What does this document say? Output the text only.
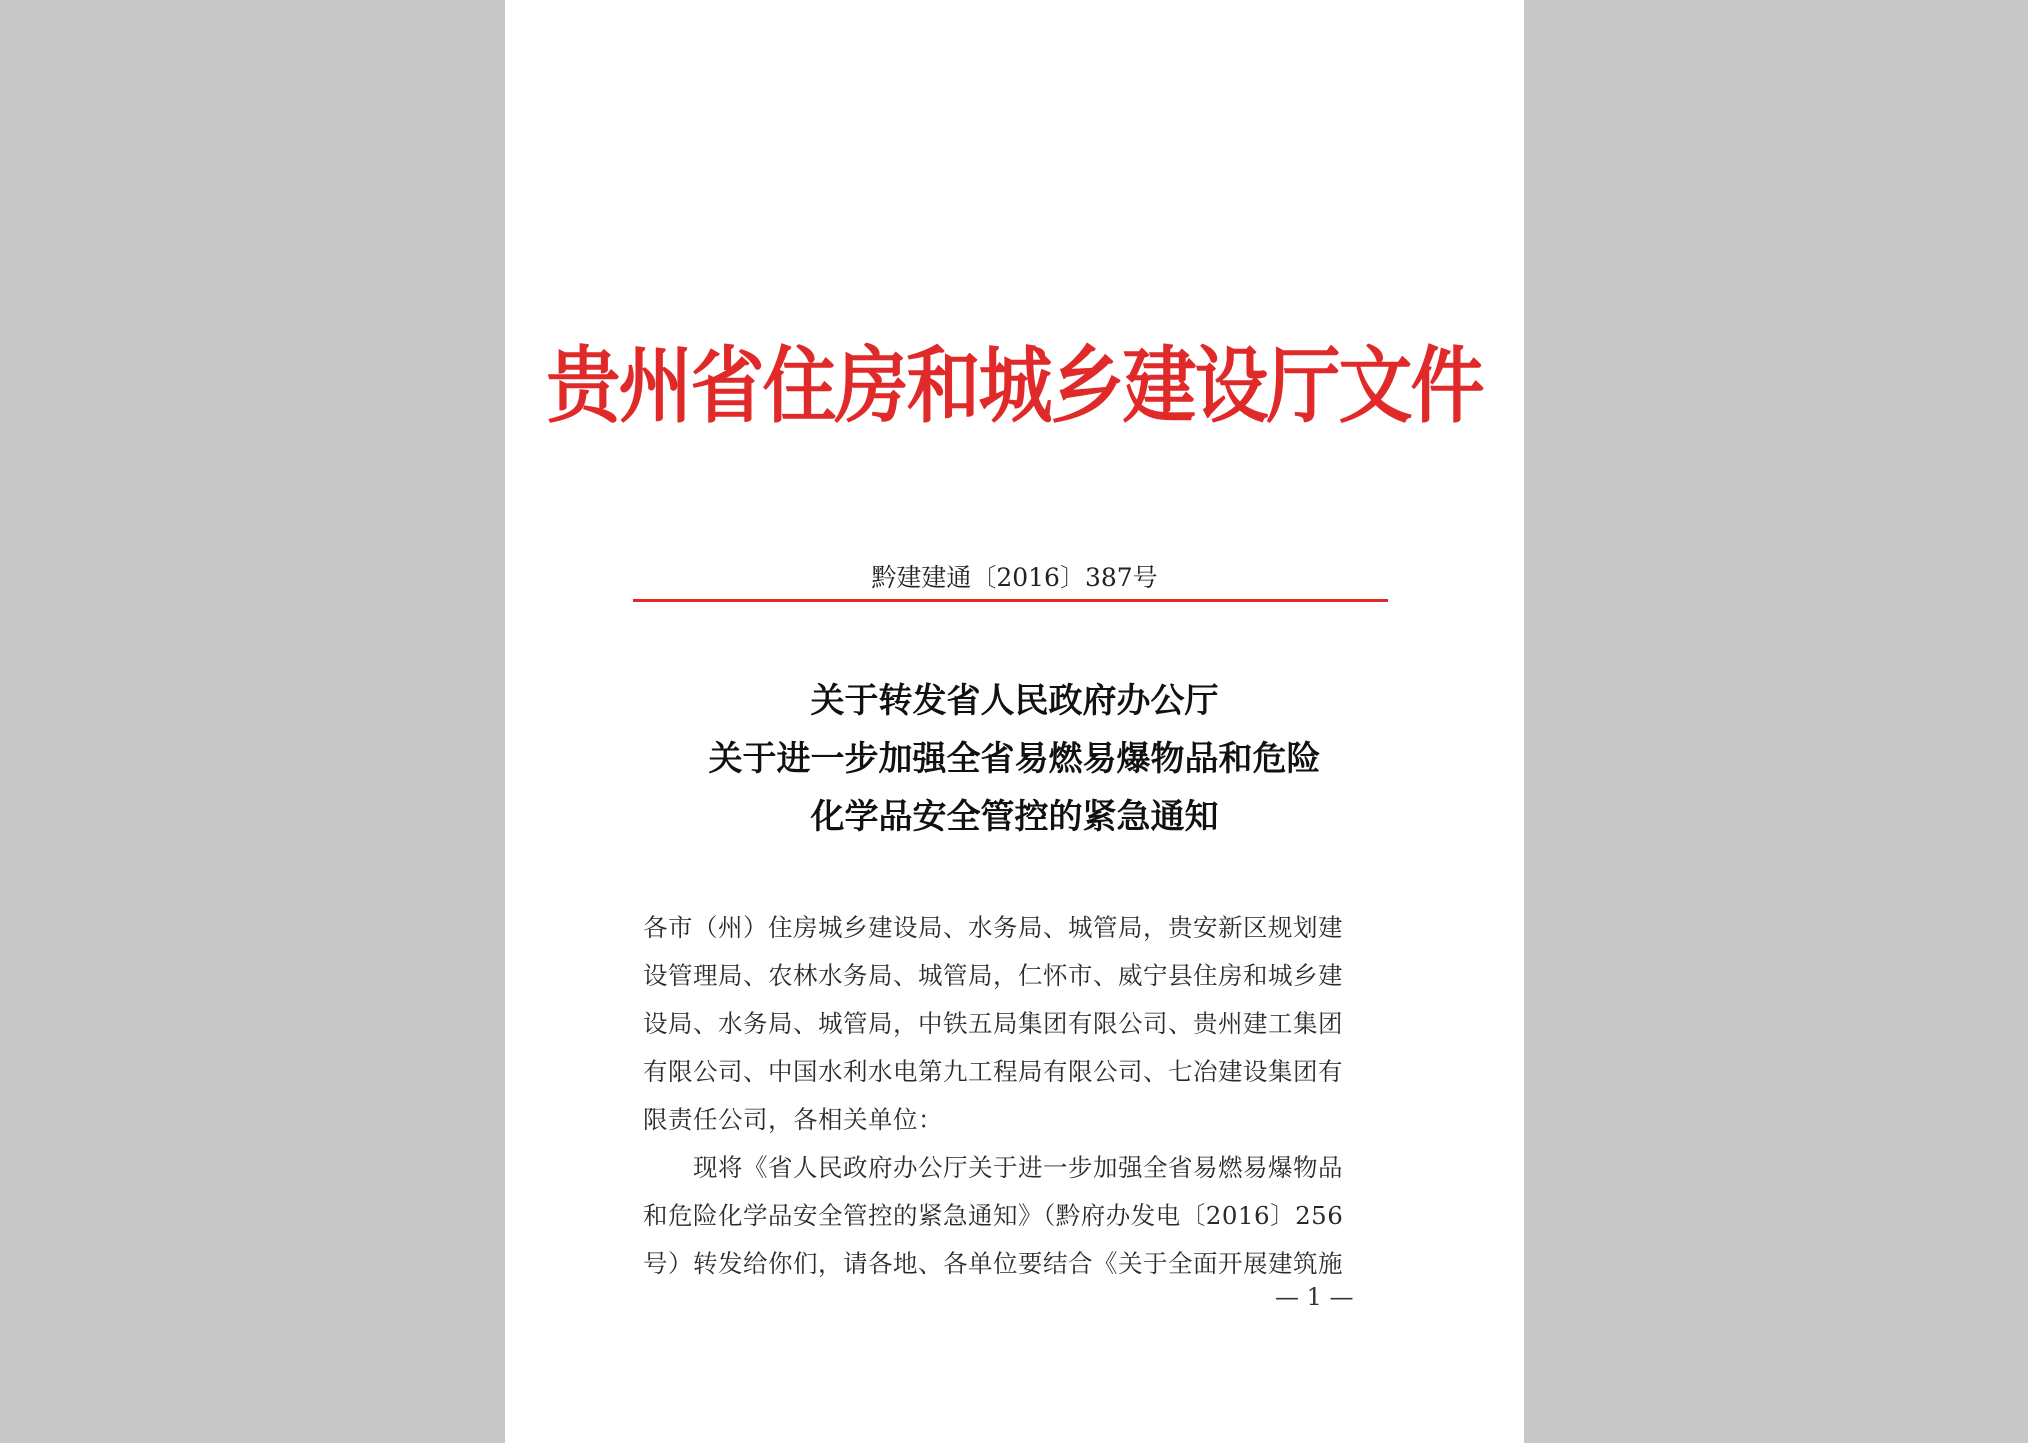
贵州省住房和城乡建设厅文件
黔建建通〔2016〕387号
关于转发省人民政府办公厅
关于进一步加强全省易燃易爆物品和危险
化学品安全管控的紧急通知
各市（州）住房城乡建设局、水务局、城管局，贵安新区规划建
设管理局、农林水务局、城管局，仁怀市、威宁县住房和城乡建
设局、水务局、城管局，中铁五局集团有限公司、贵州建工集团
有限公司、中国水利水电第九工程局有限公司、七冶建设集团有
限责任公司，各相关单位：
现将《省人民政府办公厅关于进一步加强全省易燃易爆物品
和危险化学品安全管控的紧急通知》（黔府办发电〔2016〕256
号）转发给你们，请各地、各单位要结合《关于全面开展建筑施
— 1 —
